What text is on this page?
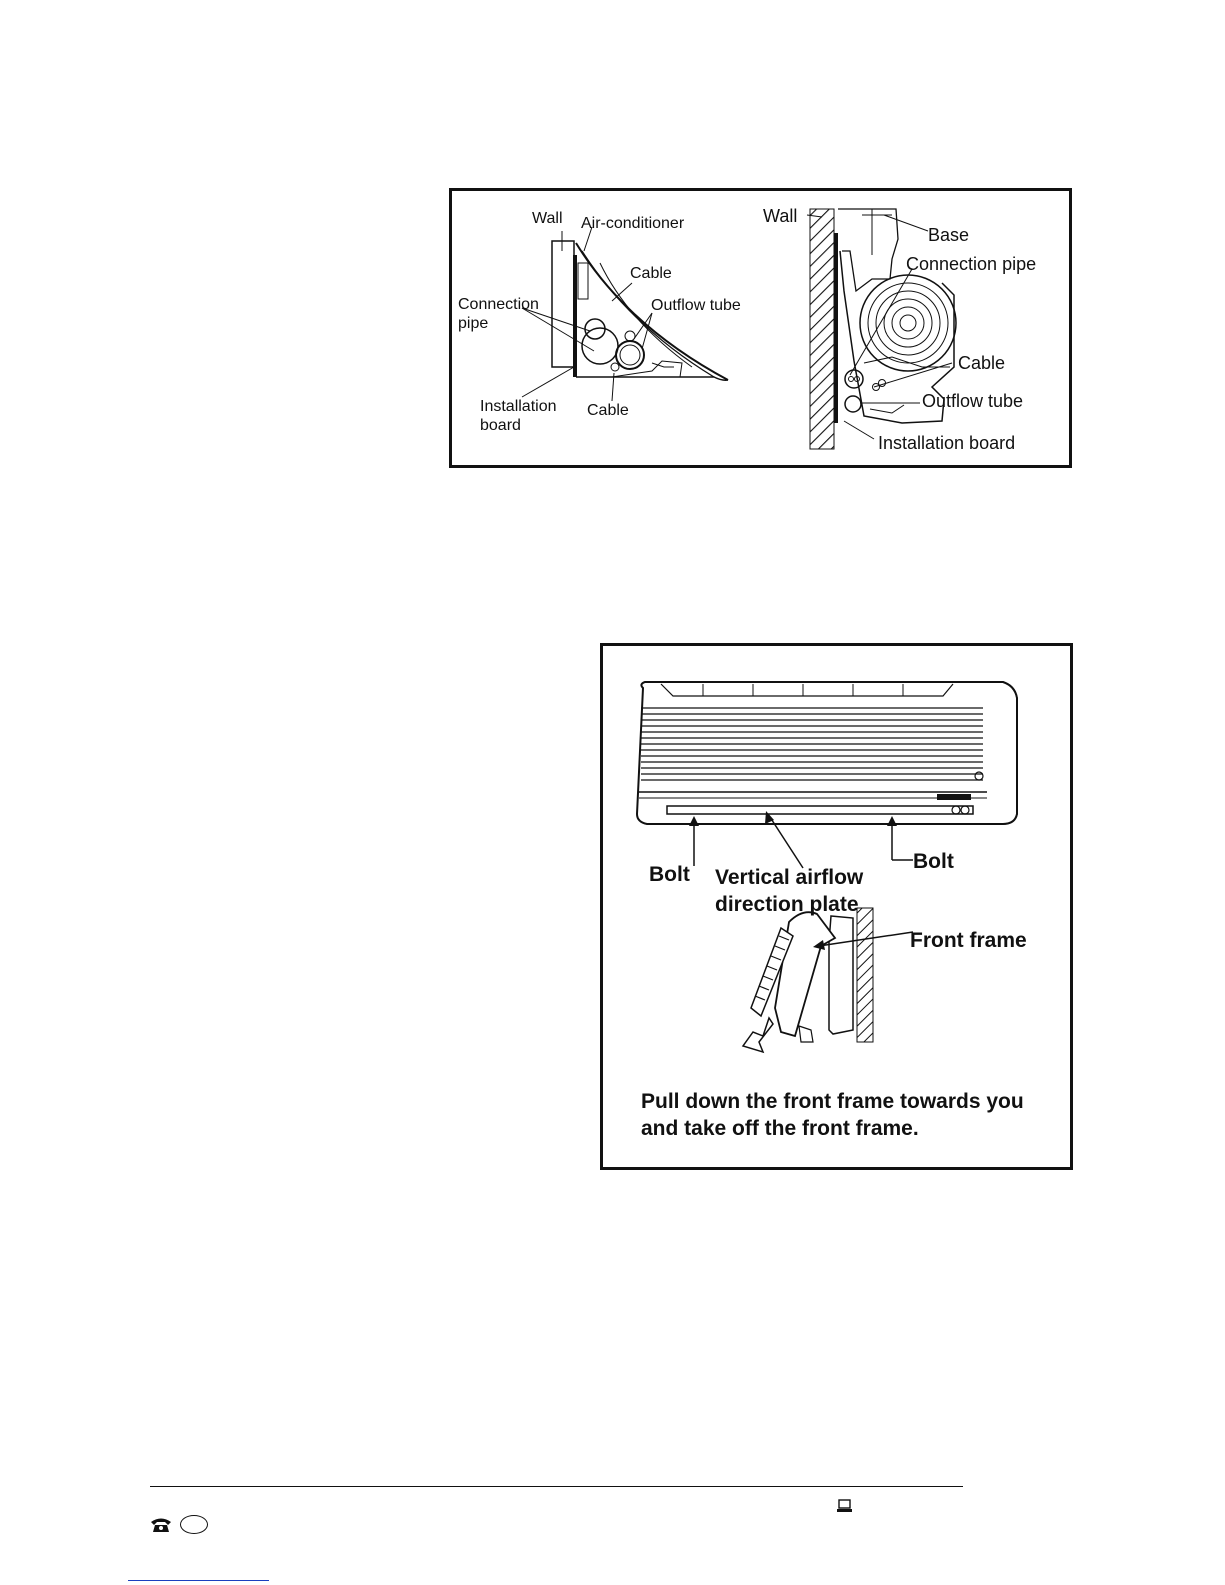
Wall Air-conditioner
Cable
Connection
pipe
Outflow tube
Installation
board
Cable
Wall
Base
Connection pipe
Cable
Outflow tube
Installation board
Bolt Vertical airflow
direction plate
Bolt
Front frame
Pull down the front frame towards you
and take off the front frame.
